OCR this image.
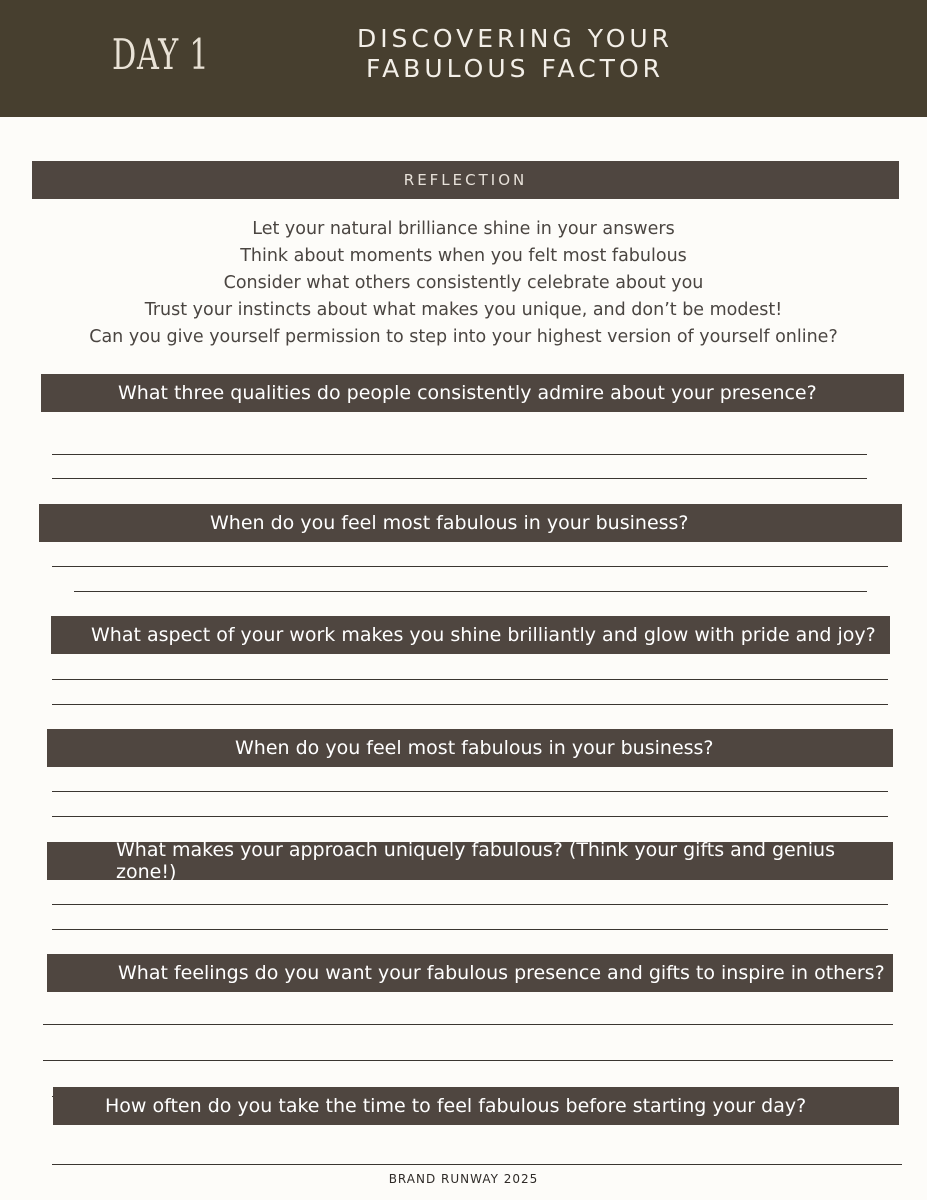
DAY 1	DISCOVERING YOUR
FABULOUS FACTOR
REFLECTION
Let your natural brilliance shine in your answers
Think about moments when you felt most fabulous
Consider what others consistently celebrate about you
Trust your instincts about what makes you unique, and don’t be modest!
Can you give yourself permission to step into your highest version of yourself online?
What three qualities do people consistently admire about your presence?
When do you feel most fabulous in your business?
What aspect of your work makes you shine brilliantly and glow with pride and joy?
When do you feel most fabulous in your business?
What makes your approach uniquely fabulous? (Think your gifts and genius zone!)
What feelings do you want your fabulous presence and gifts to inspire in others?
How often do you take the time to feel fabulous before starting your day?
BRAND RUNWAY 2025
